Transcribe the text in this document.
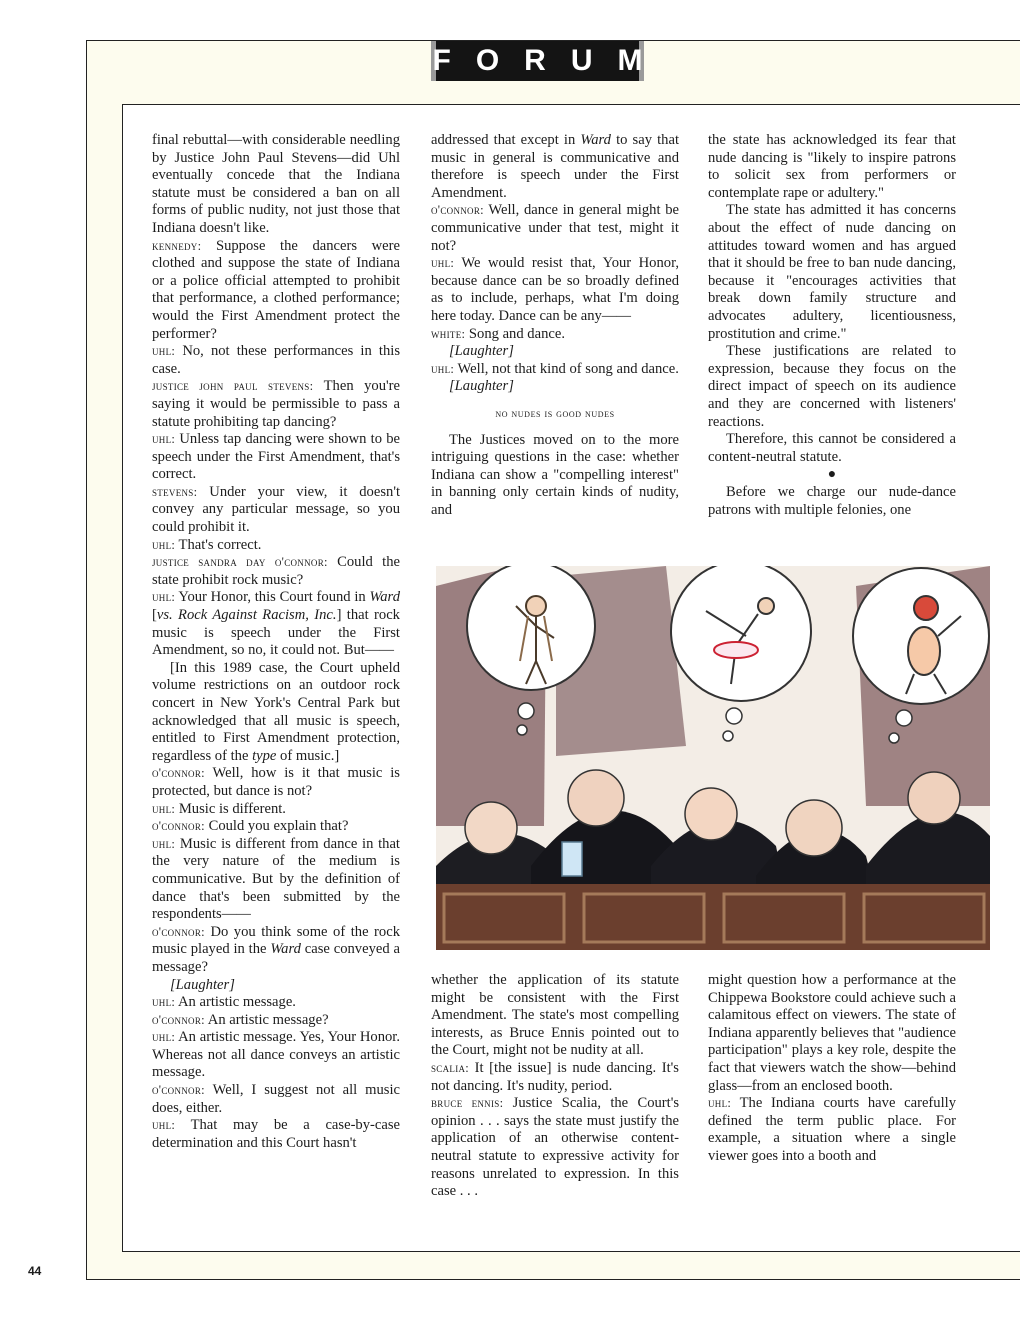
FORUM

final rebuttal—with considerable needling by Justice John Paul Stevens—did Uhl eventually concede that the Indiana statute must be considered a ban on all forms of public nudity, not just those that Indiana doesn't like.

kennedy: Suppose the dancers were clothed and suppose the state of Indiana or a police official attempted to prohibit that performance, a clothed performance; would the First Amendment protect the performer?

uhl: No, not these performances in this case.

justice john paul stevens: Then you're saying it would be permissible to pass a statute prohibiting tap dancing?

uhl: Unless tap dancing were shown to be speech under the First Amendment, that's correct.

stevens: Under your view, it doesn't convey any particular message, so you could prohibit it.

uhl: That's correct.

justice sandra day o'connor: Could the state prohibit rock music?

uhl: Your Honor, this Court found in Ward [vs. Rock Against Racism, Inc.] that rock music is speech under the First Amendment, so no, it could not. But——

[In this 1989 case, the Court upheld volume restrictions on an outdoor rock concert in New York's Central Park but acknowledged that all music is speech, entitled to First Amendment protection, regardless of the type of music.]

o'connor: Well, how is it that music is protected, but dance is not?

uhl: Music is different.

o'connor: Could you explain that?

uhl: Music is different from dance in that the very nature of the medium is communicative. But by the definition of dance that's been submitted by the respondents——

o'connor: Do you think some of the rock music played in the Ward case conveyed a message?

[Laughter]

uhl: An artistic message.

o'connor: An artistic message?

uhl: An artistic message. Yes, Your Honor. Whereas not all dance conveys an artistic message.

o'connor: Well, I suggest not all music does, either.

uhl: That may be a case-by-case determination and this Court hasn't

addressed that except in Ward to say that music in general is communicative and therefore is speech under the First Amendment.

o'connor: Well, dance in general might be communicative under that test, might it not?

uhl: We would resist that, Your Honor, because dance can be so broadly defined as to include, perhaps, what I'm doing here today. Dance can be any——

white: Song and dance.

[Laughter]

uhl: Well, not that kind of song and dance.

[Laughter]

no nudes is good nudes

The Justices moved on to the more intriguing questions in the case: whether Indiana can show a "compelling interest" in banning only certain kinds of nudity, and

whether the application of its statute might be consistent with the First Amendment. The state's most compelling interests, as Bruce Ennis pointed out to the Court, might not be nudity at all.

scalia: It [the issue] is nude dancing. It's not dancing. It's nudity, period.

bruce ennis: Justice Scalia, the Court's opinion . . . says the state must justify the application of an otherwise content-neutral statute to expressive activity for reasons unrelated to expression. In this case . . .

the state has acknowledged its fear that nude dancing is "likely to inspire patrons to solicit sex from performers or contemplate rape or adultery."

The state has admitted it has concerns about the effect of nude dancing on attitudes toward women and has argued that it should be free to ban nude dancing, because it "encourages activities that break down family structure and advocates adultery, licentiousness, prostitution and crime."

These justifications are related to expression, because they focus on the direct impact of speech on its audience and they are concerned with listeners' reactions.

Therefore, this cannot be considered a content-neutral statute.

●

Before we charge our nude-dance patrons with multiple felonies, one

might question how a performance at the Chippewa Bookstore could achieve such a calamitous effect on viewers. The state of Indiana apparently believes that "audience participation" plays a key role, despite the fact that viewers watch the show—behind glass—from an enclosed booth.

uhl: The Indiana courts have carefully defined the term public place. For example, a situation where a single viewer goes into a booth and

44
